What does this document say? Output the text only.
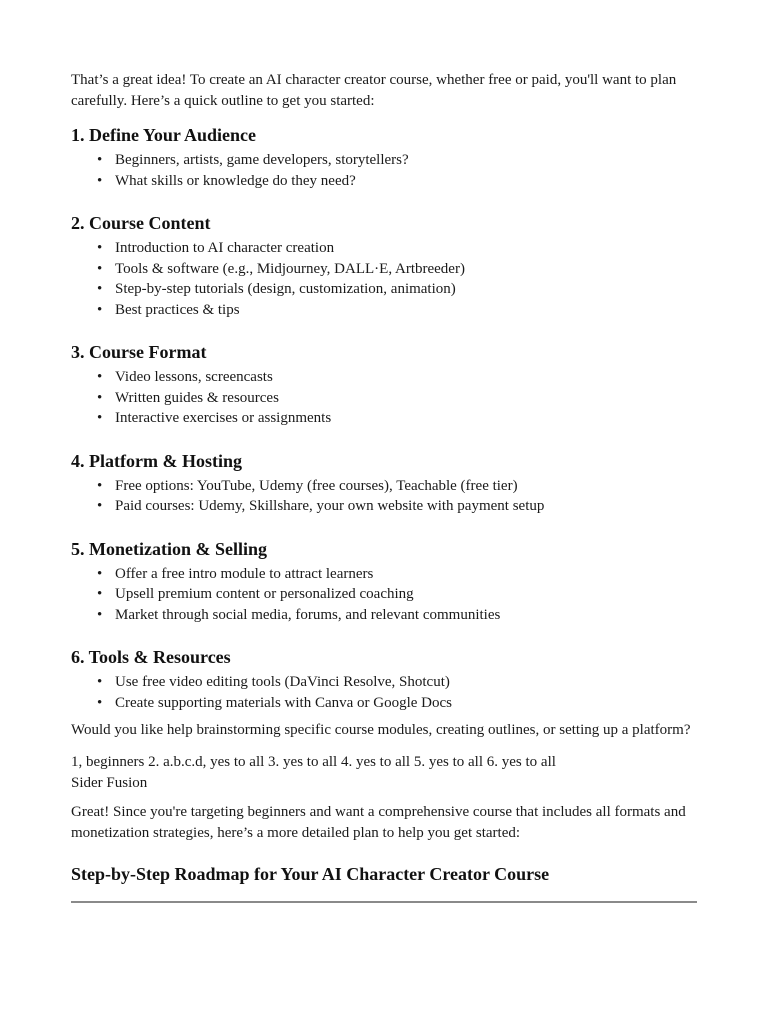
That’s a great idea! To create an AI character creator course, whether free or paid, you'll want to plan carefully. Here’s a quick outline to get you started:

1. Define Your Audience
• Beginners, artists, game developers, storytellers?
• What skills or knowledge do they need?
2. Course Content
• Introduction to AI character creation
• Tools & software (e.g., Midjourney, DALL·E, Artbreeder)
• Step-by-step tutorials (design, customization, animation)
• Best practices & tips
3. Course Format
• Video lessons, screencasts
• Written guides & resources
• Interactive exercises or assignments
4. Platform & Hosting
• Free options: YouTube, Udemy (free courses), Teachable (free tier)
• Paid courses: Udemy, Skillshare, your own website with payment setup
5. Monetization & Selling
• Offer a free intro module to attract learners
• Upsell premium content or personalized coaching
• Market through social media, forums, and relevant communities
6. Tools & Resources
• Use free video editing tools (DaVinci Resolve, Shotcut)
• Create supporting materials with Canva or Google Docs

Would you like help brainstorming specific course modules, creating outlines, or setting up a platform?

1, beginners 2. a.b.c.d, yes to all 3. yes to all 4. yes to all 5. yes to all 6. yes to all

Sider Fusion

Great! Since you're targeting beginners and want a comprehensive course that includes all formats and monetization strategies, here’s a more detailed plan to help you get started:

Step-by-Step Roadmap for Your AI Character Creator Course
